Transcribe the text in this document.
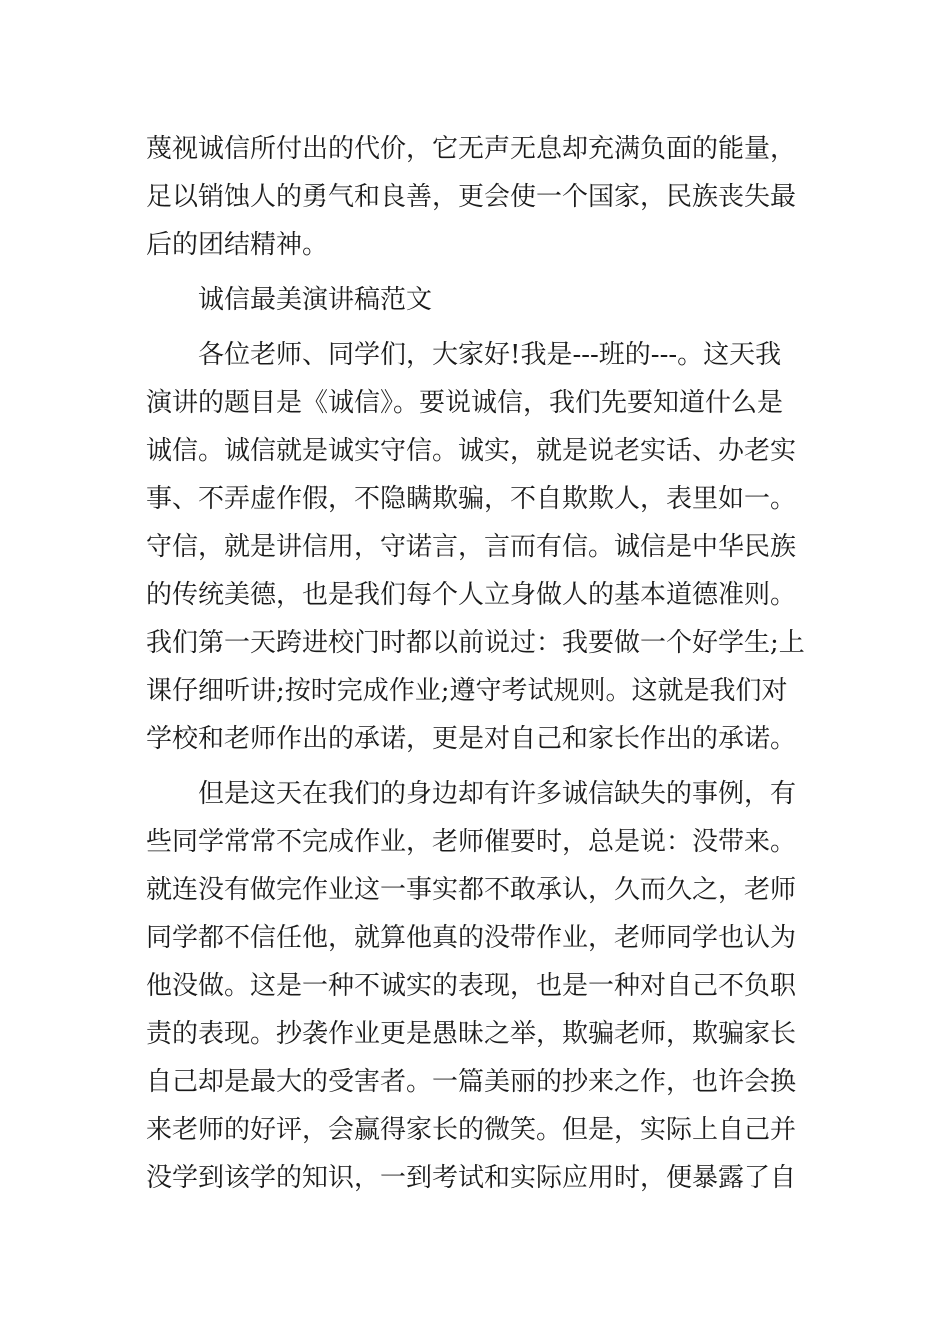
蔑视诚信所付出的代价，它无声无息却充满负面的能量，
足以销蚀人的勇气和良善，更会使一个国家，民族丧失最
后的团结精神。
诚信最美演讲稿范文
各位老师、同学们，大家好!我是---班的---。这天我
演讲的题目是《诚信》。要说诚信，我们先要知道什么是
诚信。诚信就是诚实守信。诚实，就是说老实话、办老实
事、不弄虚作假，不隐瞒欺骗，不自欺欺人，表里如一。
守信，就是讲信用，守诺言，言而有信。诚信是中华民族
的传统美德，也是我们每个人立身做人的基本道德准则。
我们第一天跨进校门时都以前说过：我要做一个好学生;上
课仔细听讲;按时完成作业;遵守考试规则。这就是我们对
学校和老师作出的承诺，更是对自己和家长作出的承诺。
但是这天在我们的身边却有许多诚信缺失的事例，有
些同学常常不完成作业，老师催要时，总是说：没带来。
就连没有做完作业这一事实都不敢承认，久而久之，老师
同学都不信任他，就算他真的没带作业，老师同学也认为
他没做。这是一种不诚实的表现，也是一种对自己不负职
责的表现。抄袭作业更是愚昧之举，欺骗老师，欺骗家长
自己却是最大的受害者。一篇美丽的抄来之作，也许会换
来老师的好评，会赢得家长的微笑。但是，实际上自己并
没学到该学的知识，一到考试和实际应用时，便暴露了自
